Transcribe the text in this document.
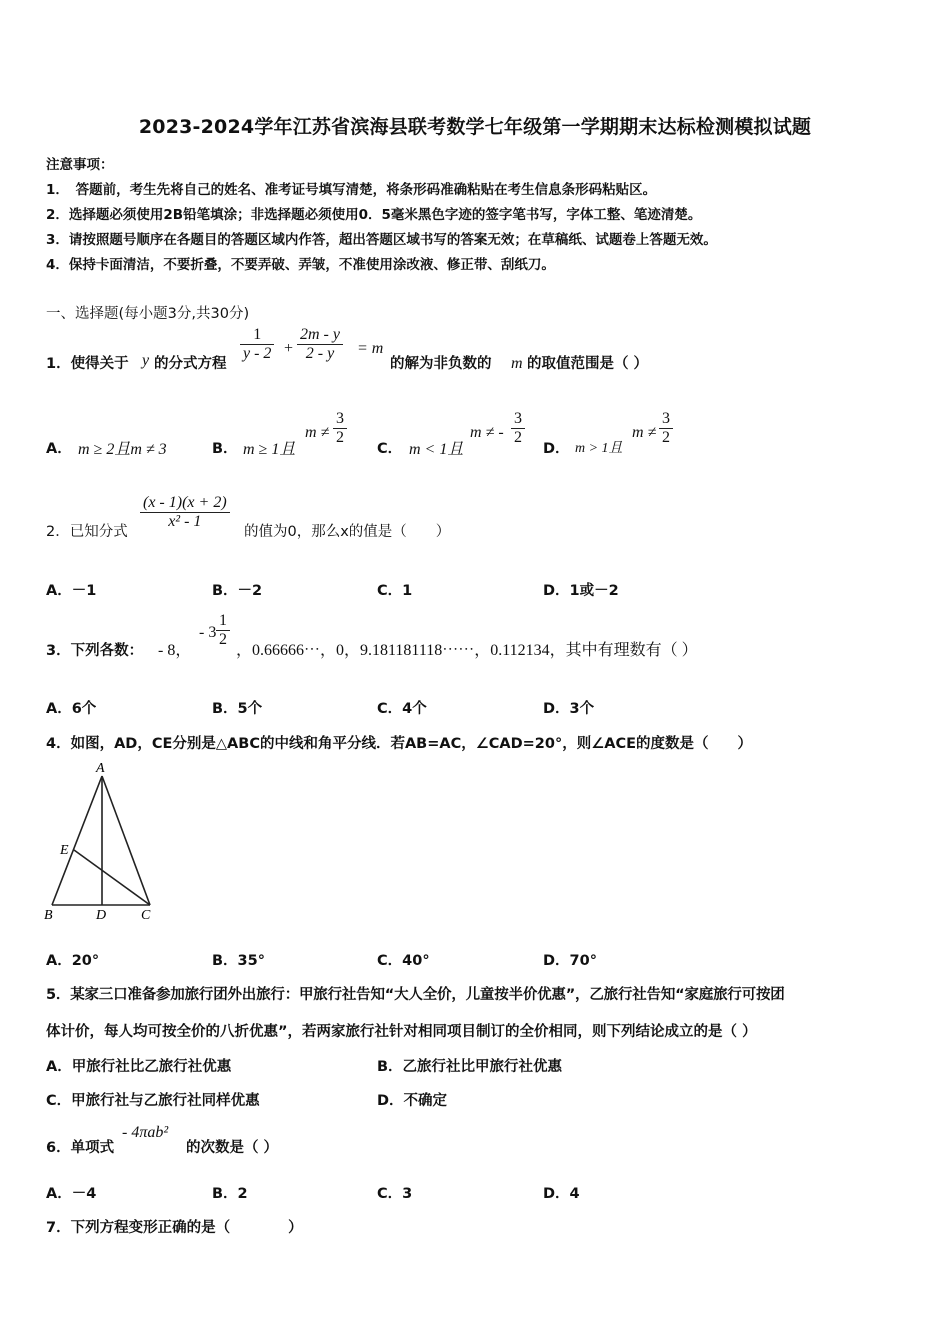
2023-2024学年江苏省滨海县联考数学七年级第一学期期末达标检测模拟试题
注意事项：
1．　答题前，考生先将自己的姓名、准考证号填写清楚，将条形码准确粘贴在考生信息条形码粘贴区。
2．选择题必须使用2B铅笔填涂；非选择题必须使用0．5毫米黑色字迹的签字笔书写，字体工整、笔迹清楚。
3．请按照题号顺序在各题目的答题区域内作答，超出答题区域书写的答案无效；在草稿纸、试题卷上答题无效。
4．保持卡面清洁，不要折叠，不要弄破、弄皱，不准使用涂改液、修正带、刮纸刀。
一、选择题(每小题3分,共30分)
1．使得关于 y 的分式方程
$\frac{1}{y - 2} + \frac{2m - y}{2 - y} = m$
的解为非负数的 m 的取值范围是（ ）
A． m ≥ 2且m ≠ 3	B． m ≥ 1且
$m \ne \frac{3}{2}$
C． m < 1且
m ≠ - $\frac{3}{2}$
D． m > 1且
$m \ne \frac{3}{2}$
2．已知分式
$\frac{(x - 1)(x + 2)}{\text{x² - 1}}$
的值为0，那么x的值是（　　）
A．－1	B．－2	C．1	D．1或－2
3．下列各数： - 8，
- $3 \frac{1}{2}$
，0.66666⋯，0，9.181181118⋯⋯，0.112134，其中有理数有（ ）
A．6个	B．5个	C．4个	D．3个
4．如图，AD，CE分别是△ABC的中线和角平分线．若AB=AC，∠CAD=20°，则∠ACE的度数是（　　）
A
E
B	D C
A．20°	B．35°	C．40°	D．70°
5．某家三口准备参加旅行团外出旅行：甲旅行社告知“大人全价，儿童按半价优惠”，乙旅行社告知“家庭旅行可按团
体计价，每人均可按全价的八折优惠”，若两家旅行社针对相同项目制订的全价相同，则下列结论成立的是（ ）
A．甲旅行社比乙旅行社优惠	B．乙旅行社比甲旅行社优惠
C．甲旅行社与乙旅行社同样优惠	D．不确定
6．单项式
- 4πab²
的次数是（ ）
A．－4	B．2	C．3	D．4
7．下列方程变形正确的是（　　　　）
